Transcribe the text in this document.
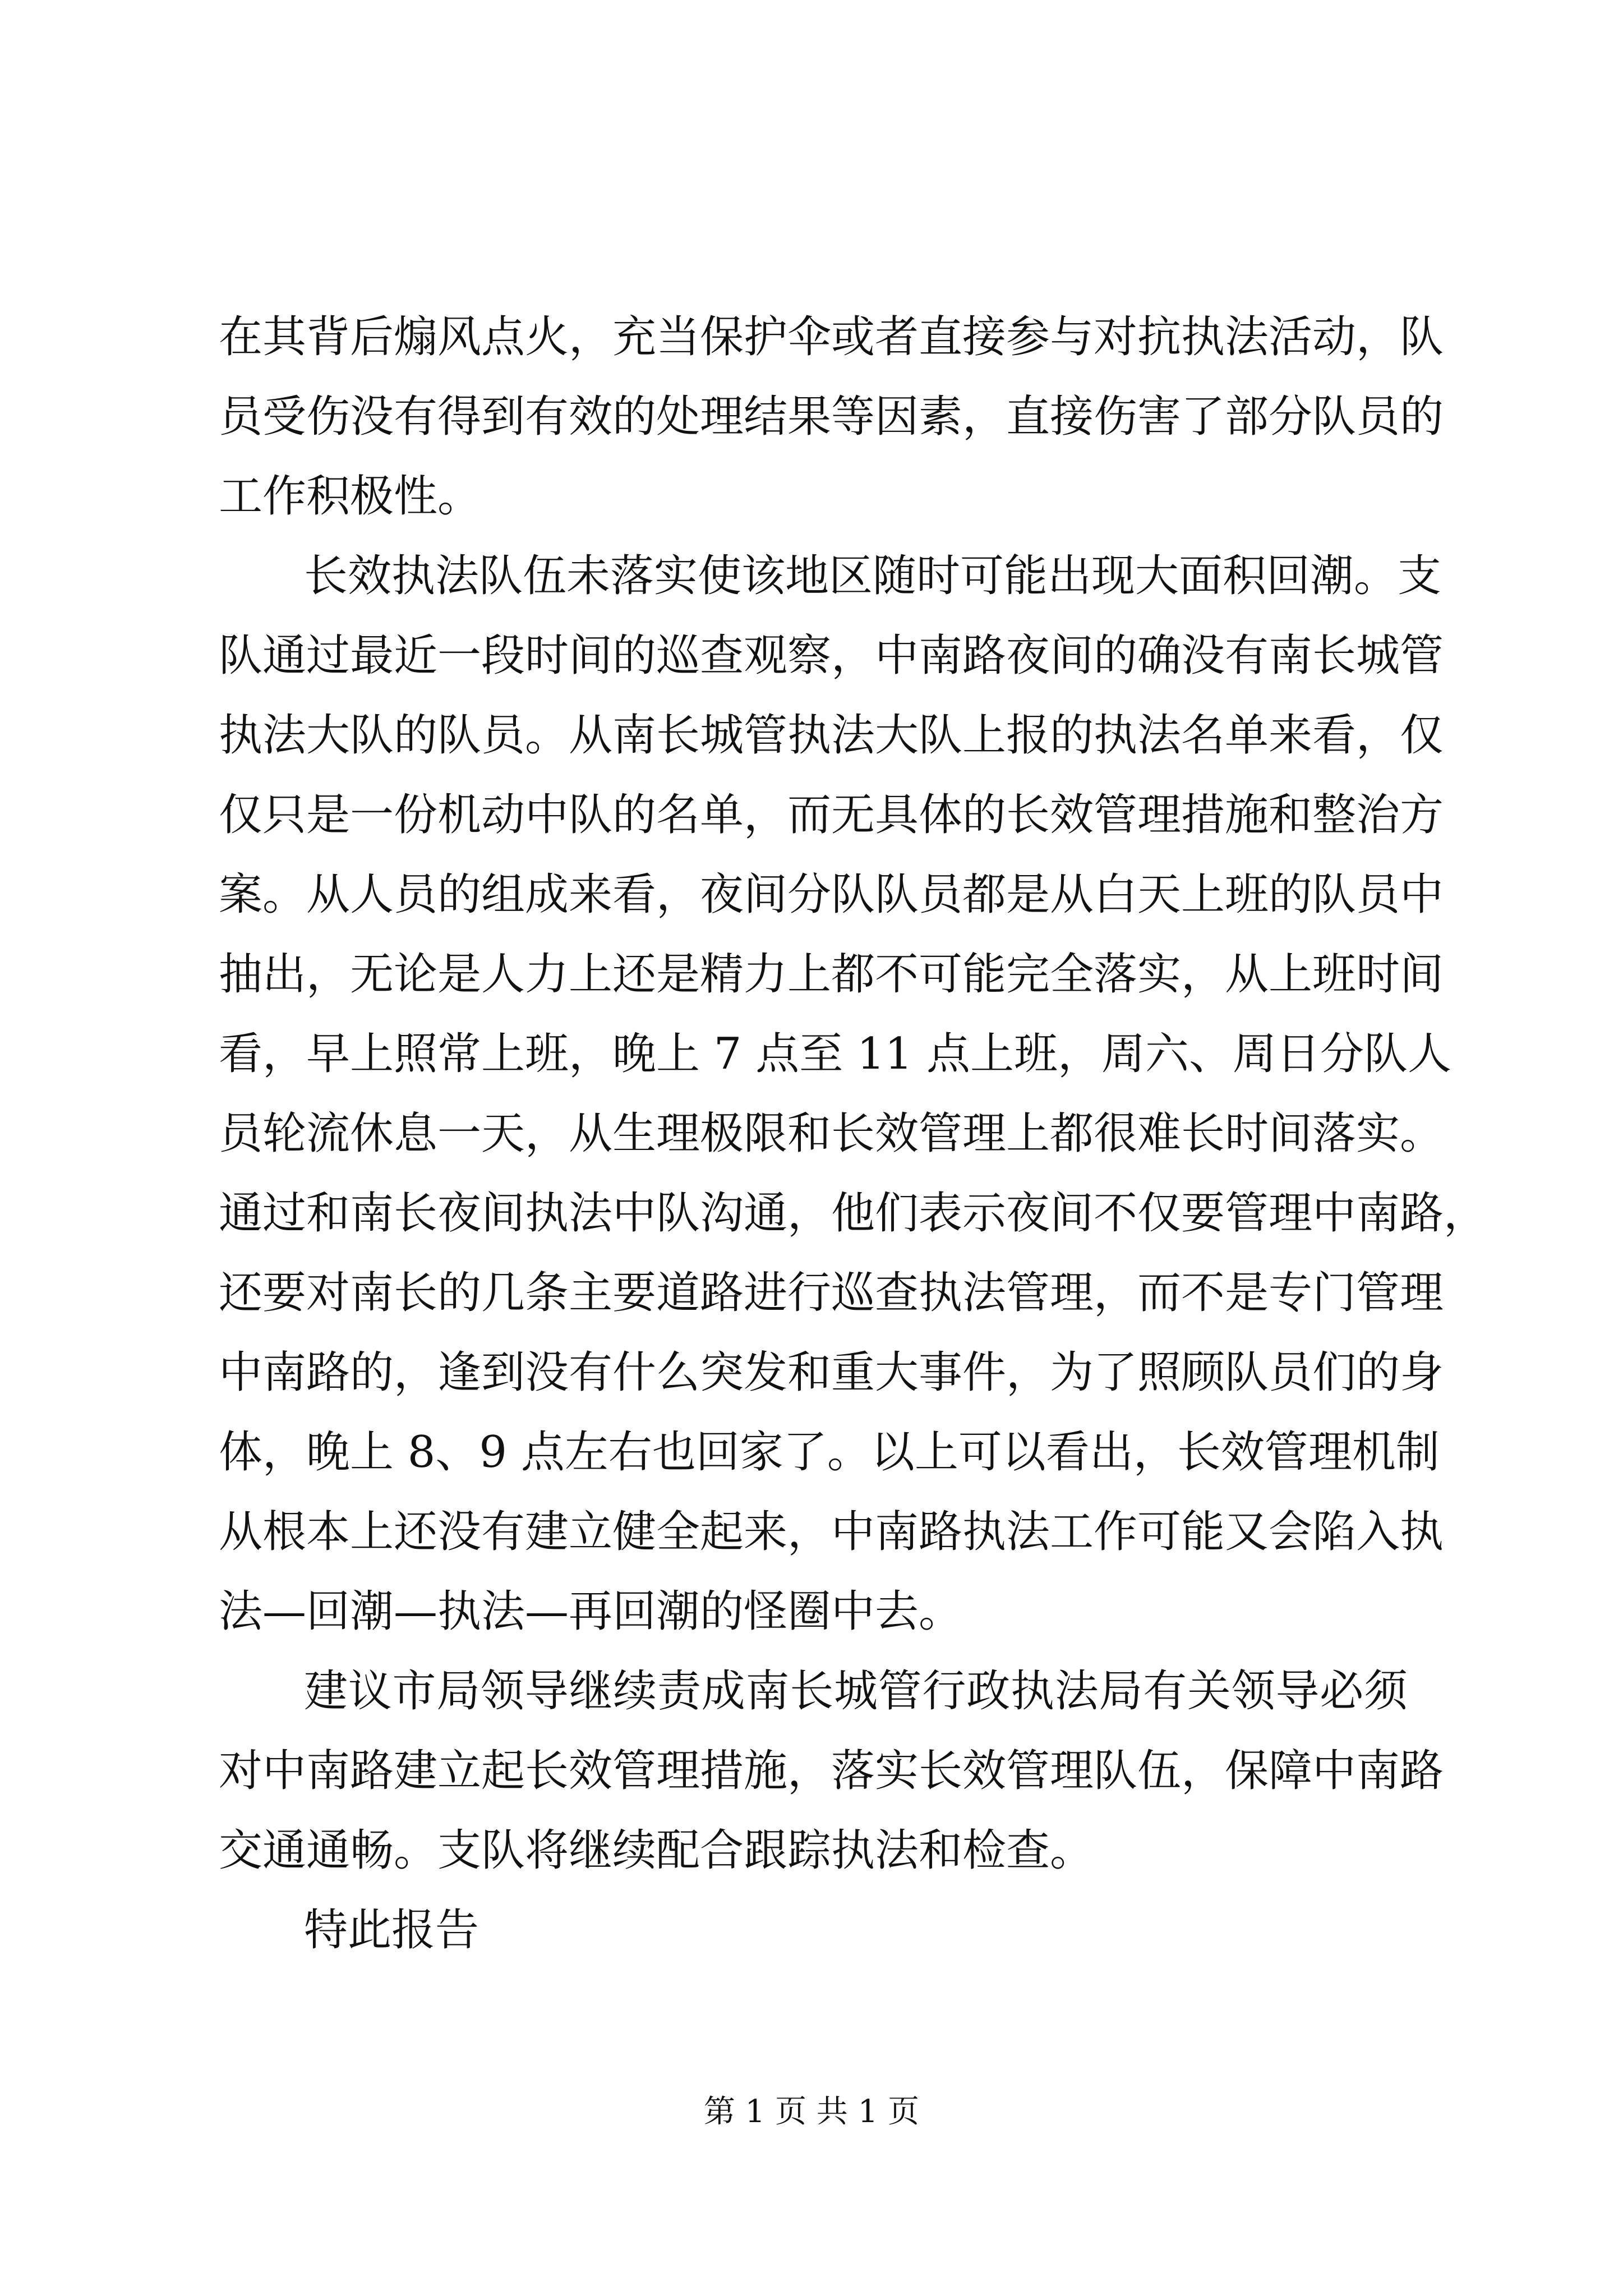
在其背后煽风点火，充当保护伞或者直接参与对抗执法活动，队
员受伤没有得到有效的处理结果等因素，直接伤害了部分队员的
工作积极性。
长效执法队伍未落实使该地区随时可能出现大面积回潮。支
队通过最近一段时间的巡查观察，中南路夜间的确没有南长城管
执法大队的队员。从南长城管执法大队上报的执法名单来看，仅
仅只是一份机动中队的名单，而无具体的长效管理措施和整治方
案。从人员的组成来看，夜间分队队员都是从白天上班的队员中
抽出，无论是人力上还是精力上都不可能完全落实，从上班时间
看，早上照常上班，晚上 7 点至 11 点上班，周六、周日分队人
员轮流休息一天，从生理极限和长效管理上都很难长时间落实。
通过和南长夜间执法中队沟通，他们表示夜间不仅要管理中南路，
还要对南长的几条主要道路进行巡查执法管理，而不是专门管理
中南路的，逢到没有什么突发和重大事件，为了照顾队员们的身
体，晚上 8、9 点左右也回家了。以上可以看出，长效管理机制
从根本上还没有建立健全起来，中南路执法工作可能又会陷入执
法—回潮—执法—再回潮的怪圈中去。
建议市局领导继续责成南长城管行政执法局有关领导必须
对中南路建立起长效管理措施，落实长效管理队伍，保障中南路
交通通畅。支队将继续配合跟踪执法和检查。
特此报告
第 1 页 共 1 页
